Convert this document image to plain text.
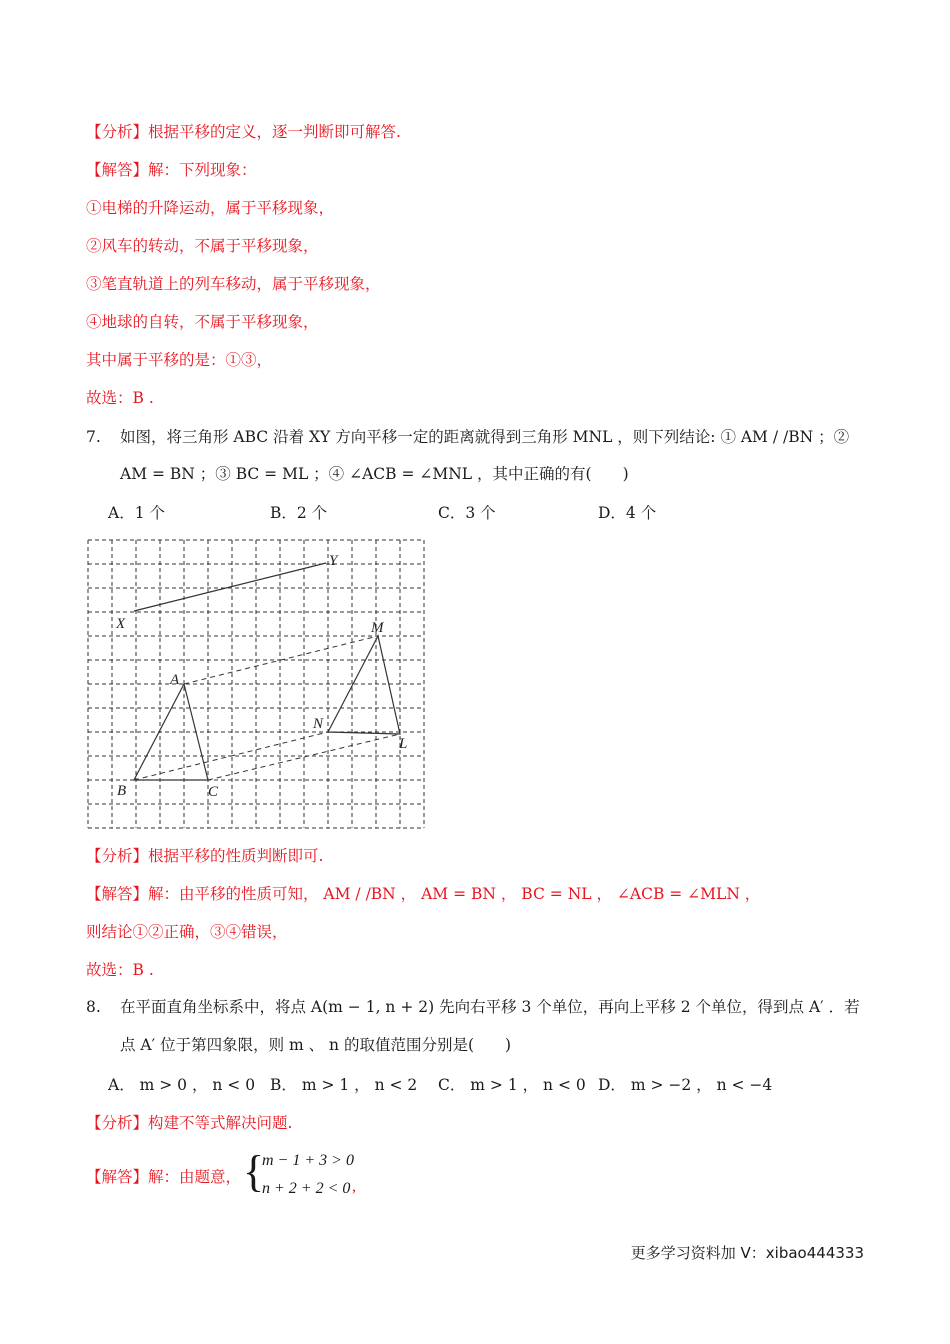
【分析】根据平移的定义，逐一判断即可解答.
【解答】解：下列现象：
①电梯的升降运动，属于平移现象，
②风车的转动，不属于平移现象，
③笔直轨道上的列车移动，属于平移现象，
④地球的自转，不属于平移现象，
其中属于平移的是：①③，
故选：B .
7. 如图，将三角形 ABC 沿着 XY 方向平移一定的距离就得到三角形 MNL ，则下列结论: ① AM / /BN ；②
AM = BN ；③ BC = ML ；④ ∠ACB = ∠MNL ，其中正确的有(　　)
A．1 个	B．2 个	C．3 个	D．4 个
Y
X	M
A
N
L
B	C
【分析】根据平移的性质判断即可.
【解答】解：由平移的性质可知， AM / /BN ， AM = BN ， BC = NL ， ∠ACB = ∠MLN ，
则结论①②正确，③④错误，
故选：B .
8. 在平面直角坐标系中，将点 A(m − 1, n + 2) 先向右平移 3 个单位，再向上平移 2 个单位，得到点 A′ ．若
点 A′ 位于第四象限，则 m 、 n 的取值范围分别是(　　)
A． m > 0 ， n < 0 B． m > 1 ， n < 2 C． m > 1 ， n < 0 D． m > −2 ， n < −4
【分析】构建不等式解决问题.
【解答】解：由题意， {
m − 1 + 3 > 0
n + 2 + 2 < 0 ,
更多学习资料加 V：xibao444333
